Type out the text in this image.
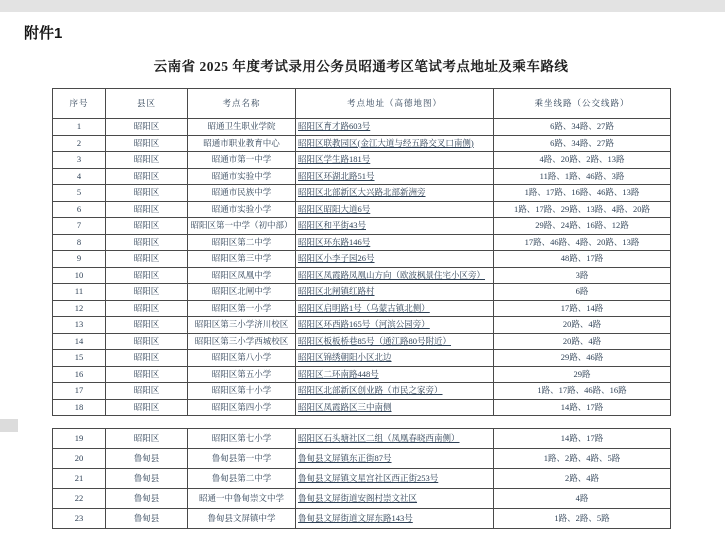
附件1
云南省 2025 年度考试录用公务员昭通考区笔试考点地址及乘车路线
序号	县区	考点名称	考点地址（高德地图）	乘坐线路（公交线路）
1	昭阳区	昭通卫生职业学院	昭阳区育才路603号	6路、34路、27路
2	昭阳区	昭通市职业教育中心	昭阳区联教园区(金江大道与经五路交叉口南侧)	6路、34路、27路
3	昭阳区	昭通市第一中学	昭阳区学生路181号	4路、20路、2路、13路
4	昭阳区	昭通市实验中学	昭阳区环湖北路51号	11路、1路、46路、3路
5	昭阳区	昭通市民族中学	昭阳区北部新区大兴路北部新洲旁	1路、17路、16路、46路、13路
6	昭阳区	昭通市实验小学	昭阳区昭阳大道6号	1路、17路、29路、13路、4路、20路
7	昭阳区	昭阳区第一中学（初中部）	昭阳区和平街43号	29路、24路、16路、12路
8	昭阳区	昭阳区第二中学	昭阳区环东路146号	17路、46路、4路、20路、13路
9	昭阳区	昭阳区第三中学	昭阳区小李子园26号	48路、17路
10	昭阳区	昭阳区凤凰中学	昭阳区凤霞路凤凰山方向（欧波枫景住宅小区旁）	3路
11	昭阳区	昭阳区北闸中学	昭阳区北闸镇红路村	6路
12	昭阳区	昭阳区第一小学	昭阳区启明路1号（乌蒙古镇北侧）	17路、14路
13	昭阳区	昭阳区第三小学济川校区	昭阳区环西路165号（河滨公园旁）	20路、4路
14	昭阳区	昭阳区第三小学西城校区	昭阳区板板桥巷85号（通江路80号附近）	20路、4路
15	昭阳区	昭阳区第八小学	昭阳区锦绣朝阳小区北边	29路、46路
16	昭阳区	昭阳区第五小学	昭阳区二环南路448号	29路
17	昭阳区	昭阳区第十小学	昭阳区北部新区创业路（市民之家旁）	1路、17路、46路、16路
18	昭阳区	昭阳区第四小学	昭阳区凤霞路区三中南侧	14路、17路
19	昭阳区	昭阳区第七小学	昭阳区石头塘社区二组（凤凰春晓西南侧）	14路、17路
20	鲁甸县	鲁甸县第一中学	鲁甸县文屏镇东正街87号	1路、2路、4路、5路
21	鲁甸县	鲁甸县第二中学	鲁甸县文屏镇文星宫社区西正街253号	2路、4路
22	鲁甸县	昭通一中鲁甸崇文中学	鲁甸县文屏街道安阁村崇文社区	4路
23	鲁甸县	鲁甸县文屏镇中学	鲁甸县文屏街道文屏东路143号	1路、2路、5路
